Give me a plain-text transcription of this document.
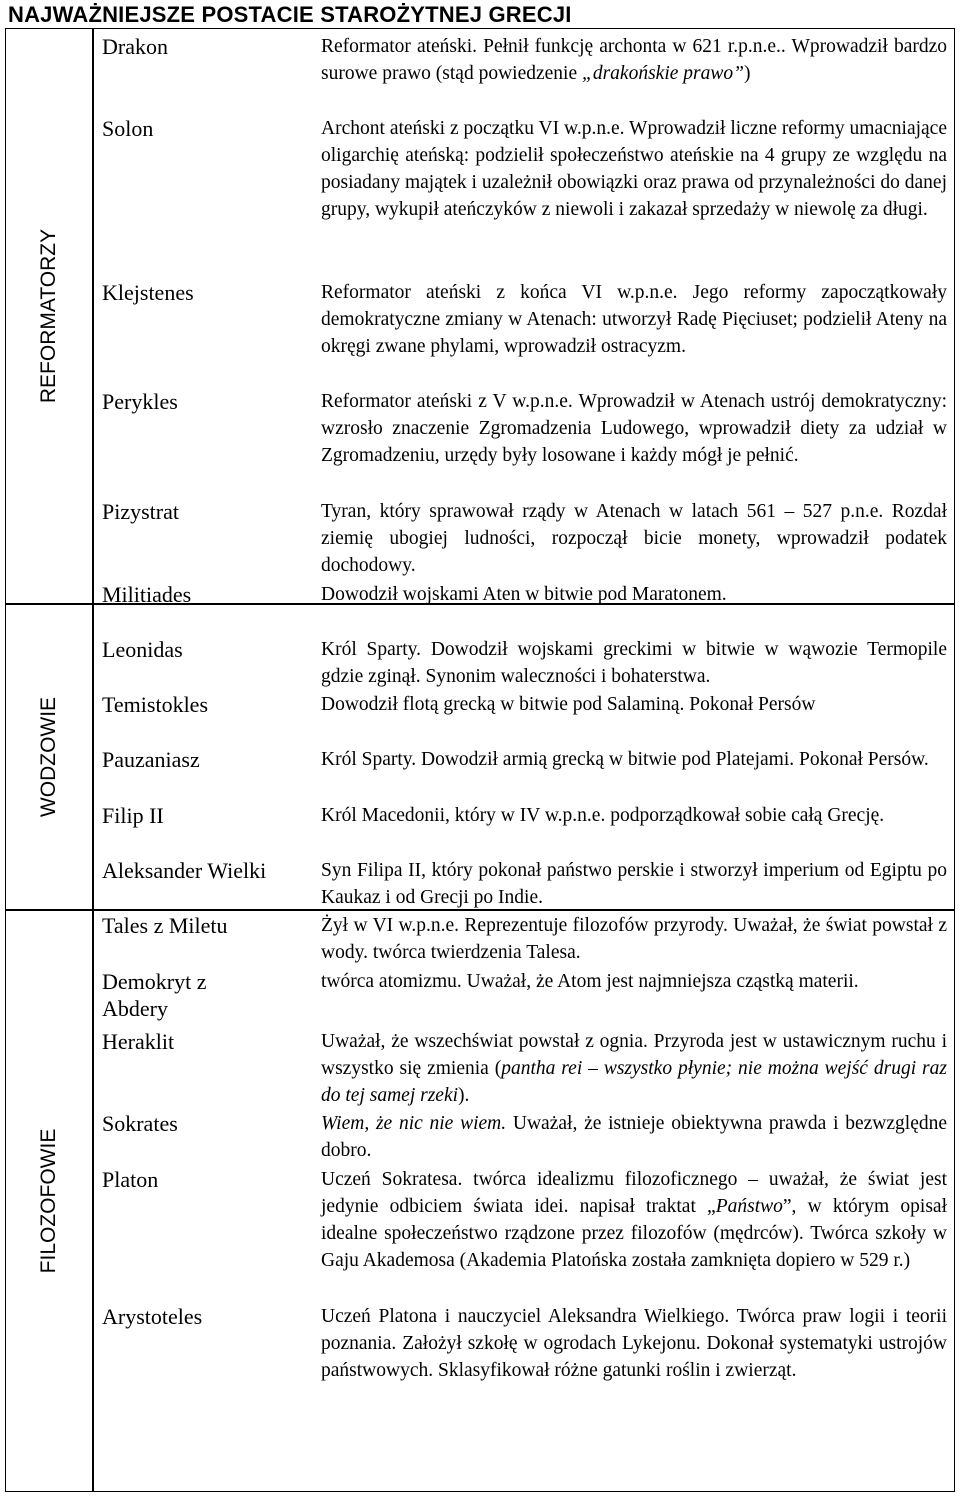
NAJWAŻNIEJSZE POSTACIE STAROŻYTNEJ GRECJI
REFORMATORZY
WODZOWIE
FILOZOFOWIE
Drakon
Solon
Klejstenes
Perykles
Pizystrat
Militiades
Leonidas
Temistokles
Pauzaniasz
Filip II
Aleksander Wielki
Tales z Miletu
Demokryt z Abdery
Heraklit
Sokrates
Platon
Arystoteles
Reformator ateński. Pełnił funkcję archonta w 621 r.p.n.e.. Wprowadził bardzo surowe prawo (stąd powiedzenie „drakońskie prawo”)
Archont ateński z początku VI w.p.n.e. Wprowadził liczne reformy umacniające oligarchię ateńską: podzielił społeczeństwo ateńskie na 4 grupy ze względu na posiadany majątek i uzależnił obowiązki oraz prawa od przynależności do danej grupy, wykupił ateńczyków z niewoli i zakazał sprzedaży w niewolę za długi.
Reformator ateński z końca VI w.p.n.e. Jego reformy zapoczątkowały demokratyczne zmiany w Atenach: utworzył Radę Pięciuset; podzielił Ateny na okręgi zwane phylami, wprowadził ostracyzm.
Reformator ateński z V w.p.n.e. Wprowadził w Atenach ustrój demokratyczny: wzrosło znaczenie Zgromadzenia Ludowego, wprowadził diety za udział w Zgromadzeniu, urzędy były losowane i każdy mógł je pełnić.
Tyran, który sprawował rządy w Atenach w latach 561 – 527 p.n.e. Rozdał ziemię ubogiej ludności, rozpoczął bicie monety, wprowadził podatek dochodowy.
Dowodził wojskami Aten w bitwie pod Maratonem.
Król Sparty. Dowodził wojskami greckimi w bitwie w wąwozie Termopile gdzie zginął. Synonim waleczności i bohaterstwa.
Dowodził flotą grecką w bitwie pod Salaminą. Pokonał Persów
Król Sparty. Dowodził armią grecką w bitwie pod Platejami. Pokonał Persów.
Król Macedonii, który w IV w.p.n.e. podporządkował sobie całą Grecję.
Syn Filipa II, który pokonał państwo perskie i stworzył imperium od Egiptu po Kaukaz i od Grecji po Indie.
Żył w VI w.p.n.e. Reprezentuje filozofów przyrody. Uważał, że świat powstał z wody. twórca twierdzenia Talesa.
twórca atomizmu. Uważał, że Atom jest najmniejsza cząstką materii.
Uważał, że wszechświat powstał z ognia. Przyroda jest w ustawicznym ruchu i wszystko się zmienia (pantha rei – wszystko płynie; nie można wejść drugi raz do tej samej rzeki).
Wiem, że nic nie wiem. Uważał, że istnieje obiektywna prawda i bezwzględne dobro.
Uczeń Sokratesa. twórca idealizmu filozoficznego – uważał, że świat jest jedynie odbiciem świata idei. napisał traktat „Państwo”, w którym opisał idealne społeczeństwo rządzone przez filozofów (mędrców). Twórca szkoły w Gaju Akademosa (Akademia Platońska została zamknięta dopiero w 529 r.)
Uczeń Platona i nauczyciel Aleksandra Wielkiego. Twórca praw logii i teorii poznania. Założył szkołę w ogrodach Lykejonu. Dokonał systematyki ustrojów państwowych. Sklasyfikował różne gatunki roślin i zwierząt.
